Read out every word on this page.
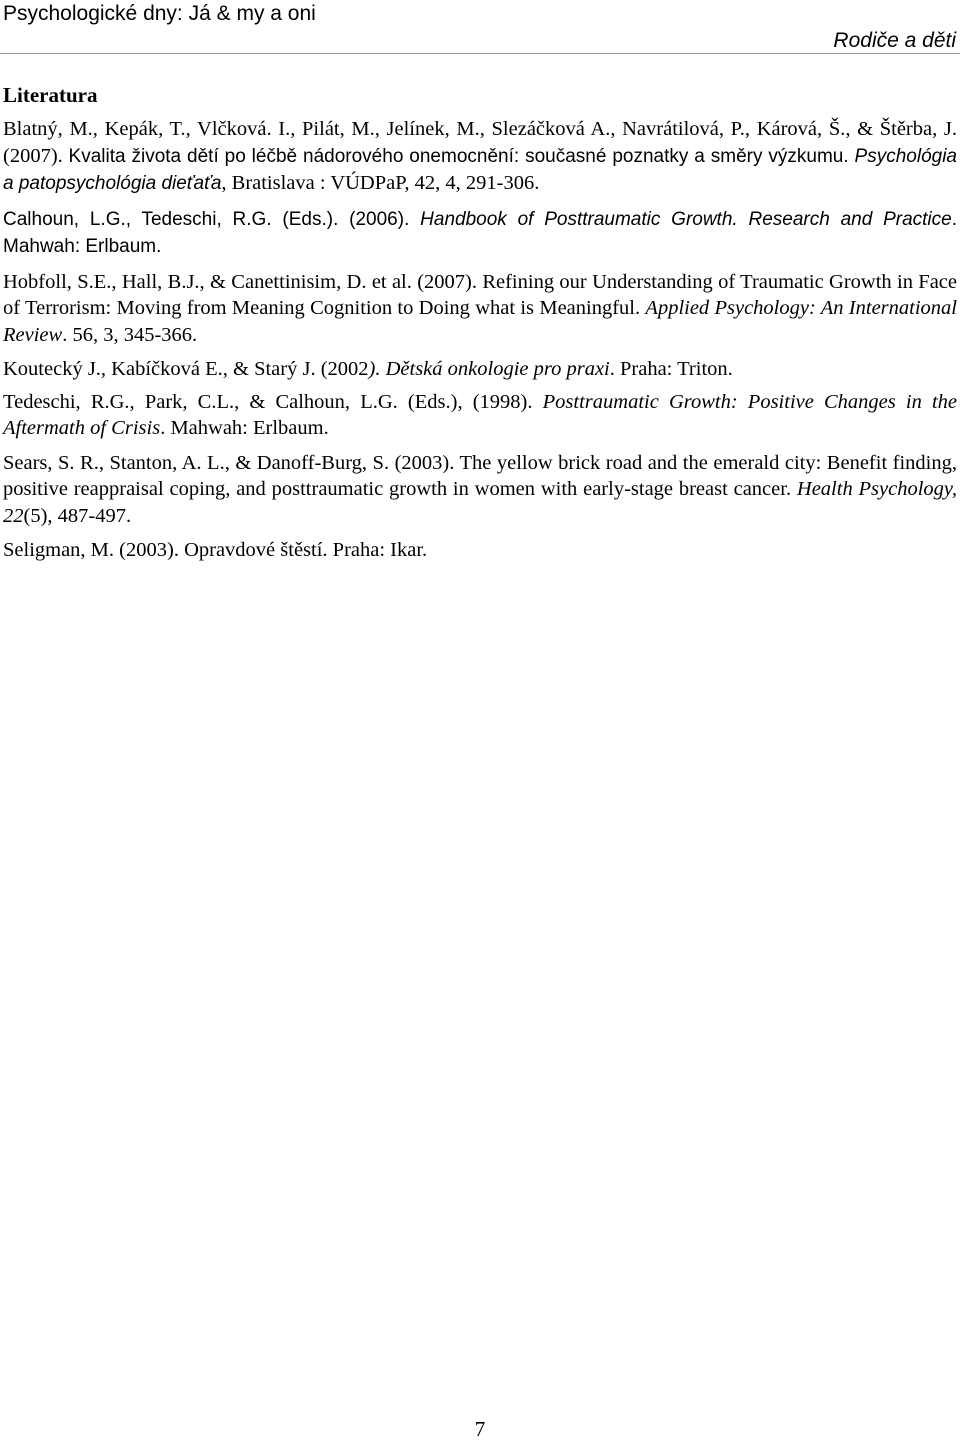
Psychologické dny: Já & my a oni
Rodiče a děti
Literatura

Blatný, M., Kepák, T., Vlčková. I., Pilát, M., Jelínek, M., Slezáčková A., Navrátilová, P., Kárová, Š., & Štěrba, J. (2007). Kvalita života dětí po léčbě nádorového onemocnění: současné poznatky a směry výzkumu. Psychológia a patopsychológia dieťaťa, Bratislava : VÚDPaP, 42, 4, 291-306.

Calhoun, L.G., Tedeschi, R.G. (Eds.). (2006). Handbook of Posttraumatic Growth. Research and Practice. Mahwah: Erlbaum.

Hobfoll, S.E., Hall, B.J., & Canettinisim, D. et al. (2007). Refining our Understanding of Traumatic Growth in Face of Terrorism: Moving from Meaning Cognition to Doing what is Meaningful. Applied Psychology: An International Review. 56, 3, 345-366.

Koutecký J., Kabíčková E., & Starý J. (2002). Dětská onkologie pro praxi. Praha: Triton.

Tedeschi, R.G., Park, C.L., & Calhoun, L.G. (Eds.), (1998). Posttraumatic Growth: Positive Changes in the Aftermath of Crisis. Mahwah: Erlbaum.

Sears, S. R., Stanton, A. L., & Danoff-Burg, S. (2003). The yellow brick road and the emerald city: Benefit finding, positive reappraisal coping, and posttraumatic growth in women with early-stage breast cancer. Health Psychology, 22(5), 487-497.

Seligman, M. (2003). Opravdové štěstí. Praha: Ikar.

7
